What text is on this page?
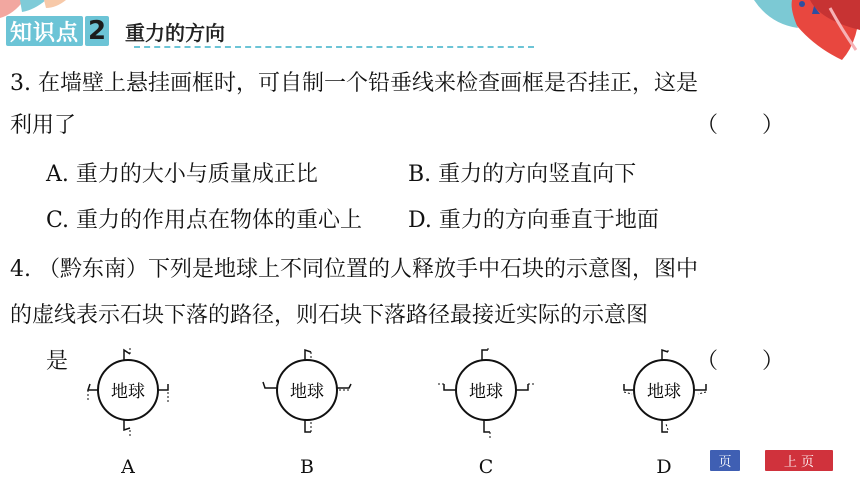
知识点 2 重力的方向
3. 在墙壁上悬挂画框时，可自制一个铅垂线来检查画框是否挂正，这是
利用了	（　　）
A. 重力的大小与质量成正比	B. 重力的方向竖直向下
C. 重力的作用点在物体的重心上 D. 重力的方向垂直于地面
4. （黔东南）下列是地球上不同位置的人释放手中石块的示意图，图中
的虚线表示石块下落的路径，则石块下落路径最接近实际的示意图
是	（　　）
地球
A
地球
B
地球
C
地球
D	页	上 页
